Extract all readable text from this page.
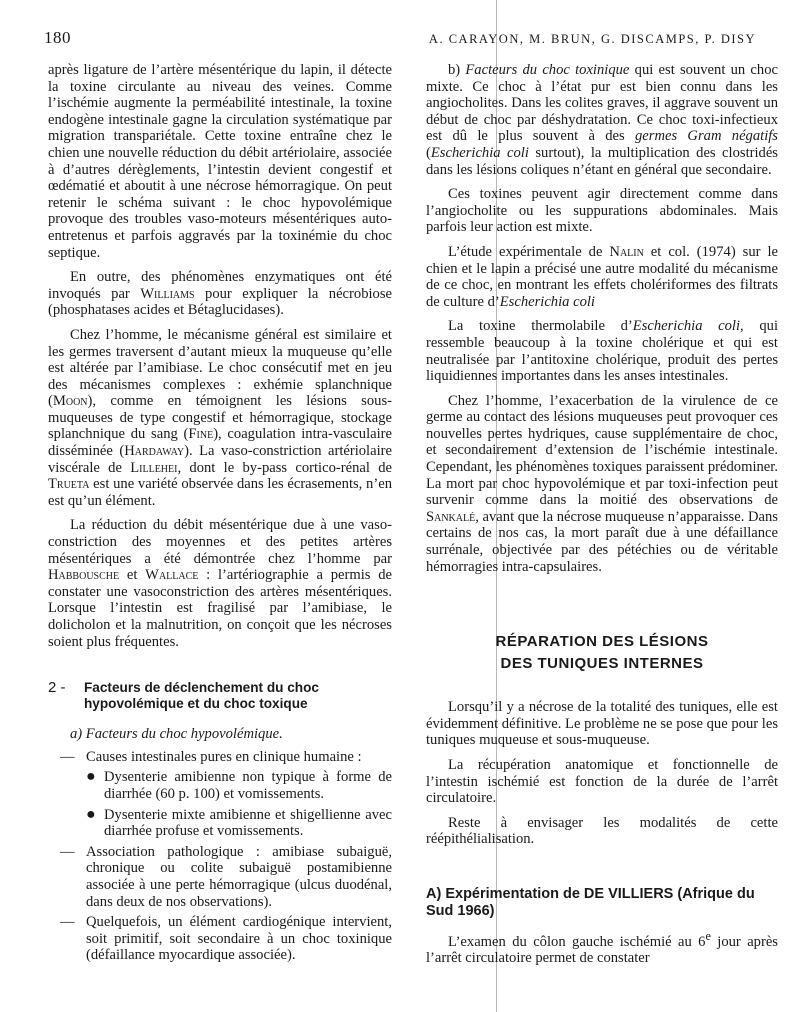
180	A. CARAYON, M. BRUN, G. DISCAMPS, P. DISY

après ligature de l’artère mésentérique du lapin, il détecte la toxine circulante au niveau des veines. Comme l’ischémie augmente la perméabilité intestinale, la toxine endogène intestinale gagne la circulation systématique par migration transpariétale. Cette toxine entraîne chez le chien une nouvelle réduction du débit artériolaire, associée à d’autres dérèglements, l’intestin devient congestif et œdématié et aboutit à une nécrose hémorragique. On peut retenir le schéma suivant : le choc hypovolémique provoque des troubles vaso-moteurs mésentériques auto-entretenus et parfois aggravés par la toxinémie du choc septique.

En outre, des phénomènes enzymatiques ont été invoqués par Williams pour expliquer la nécrobiose (phosphatases acides et Bétaglucidases).

Chez l’homme, le mécanisme général est similaire et les germes traversent d’autant mieux la muqueuse qu’elle est altérée par l’amibiase. Le choc consécutif met en jeu des mécanismes complexes : exhémie splanchnique (Moon), comme en témoignent les lésions sous-muqueuses de type congestif et hémorragique, stockage splanchnique du sang (Fine), coagulation intra-vasculaire disséminée (Hardaway). La vaso-constriction artériolaire viscérale de Lillehei, dont le by-pass cortico-rénal de Trueta est une variété observée dans les écrasements, n’en est qu’un élément.

La réduction du débit mésentérique due à une vaso-constriction des moyennes et des petites artères mésentériques a été démontrée chez l’homme par Habbousche et Wallace : l’artériographie a permis de constater une vasoconstriction des artères mésentériques. Lorsque l’intestin est fragilisé par l’amibiase, le dolicholon et la malnutrition, on conçoit que les nécroses soient plus fréquentes.

2 -	Facteurs de déclenchement du choc hypovolémique et du choc toxique
a) Facteurs du choc hypovolémique.
— Causes intestinales pures en clinique humaine :
● Dysenterie amibienne non typique à forme de diarrhée (60 p. 100) et vomissements.
● Dysenterie mixte amibienne et shigellienne avec diarrhée profuse et vomissements.
— Association pathologique : amibiase subaiguë, chronique ou colite subaiguë postamibienne associée à une perte hémorragique (ulcus duodénal, dans deux de nos observations).
— Quelquefois, un élément cardiogénique intervient, soit primitif, soit secondaire à un choc toxinique (défaillance myocardique associée).

b) Facteurs du choc toxinique qui est souvent un choc mixte. Ce choc à l’état pur est bien connu dans les angiocholites. Dans les colites graves, il aggrave souvent un début de choc par déshydratation. Ce choc toxi-infectieux est dû le plus souvent à des germes Gram négatifs (Escherichia coli surtout), la multiplication des clostridés dans les lésions coliques n’étant en général que secondaire.

Ces toxines peuvent agir directement comme dans l’angiocholite ou les suppurations abdominales. Mais parfois leur action est mixte.

L’étude expérimentale de Nalin et col. (1974) sur le chien et le lapin a précisé une autre modalité du mécanisme de ce choc, en montrant les effets cholériformes des filtrats de culture d’Escherichia coli

La toxine thermolabile d’Escherichia coli, qui ressemble beaucoup à la toxine cholérique et qui est neutralisée par l’antitoxine cholérique, produit des pertes liquidiennes importantes dans les anses intestinales.

Chez l’homme, l’exacerbation de la virulence de ce germe au contact des lésions muqueuses peut provoquer ces nouvelles pertes hydriques, cause supplémentaire de choc, et secondairement d’extension de l’ischémie intestinale. Cependant, les phénomènes toxiques paraissent prédominer. La mort par choc hypovolémique et par toxi-infection peut survenir comme dans la moitié des observations de Sankalé, avant que la nécrose muqueuse n’apparaisse. Dans certains de nos cas, la mort paraît due à une défaillance surrénale, objectivée par des pétéchies ou de véritable hémorragies intra-capsulaires.

RÉPARATION DES LÉSIONS
DES TUNIQUES INTERNES

Lorsqu’il y a nécrose de la totalité des tuniques, elle est évidemment définitive. Le problème ne se pose que pour les tuniques muqueuse et sous-muqueuse.

La récupération anatomique et fonctionnelle de l’intestin ischémié est fonction de la durée de l’arrêt circulatoire.

Reste à envisager les modalités de cette réépithélialisation.

A) Expérimentation de DE VILLIERS (Afrique du Sud 1966)

L’examen du côlon gauche ischémié au 6e jour après l’arrêt circulatoire permet de constater
